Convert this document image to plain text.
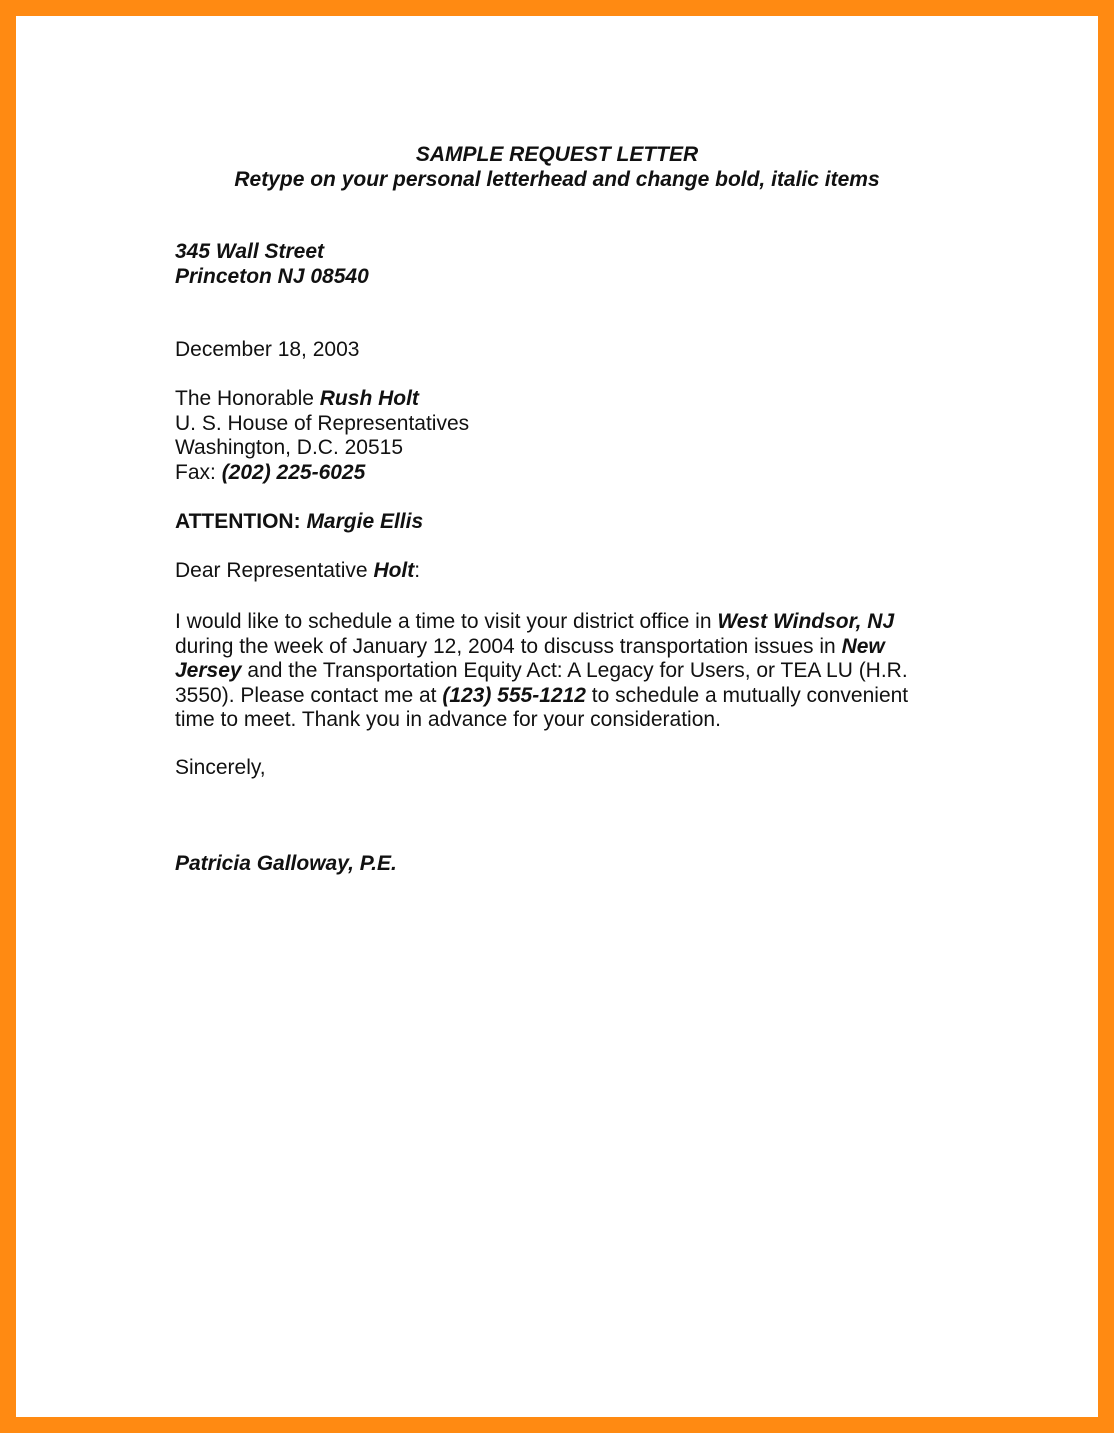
SAMPLE REQUEST LETTER
Retype on your personal letterhead and change bold, italic items
345 Wall Street
Princeton NJ 08540
December 18, 2003
The Honorable Rush Holt
U. S. House of Representatives
Washington, D.C. 20515
Fax: (202) 225-6025
ATTENTION: Margie Ellis
Dear Representative Holt:
I would like to schedule a time to visit your district office in West Windsor, NJ
during the week of January 12, 2004 to discuss transportation issues in New
Jersey and the Transportation Equity Act: A Legacy for Users, or TEA LU (H.R.
3550). Please contact me at (123) 555-1212 to schedule a mutually convenient
time to meet. Thank you in advance for your consideration.
Sincerely,
Patricia Galloway, P.E.
